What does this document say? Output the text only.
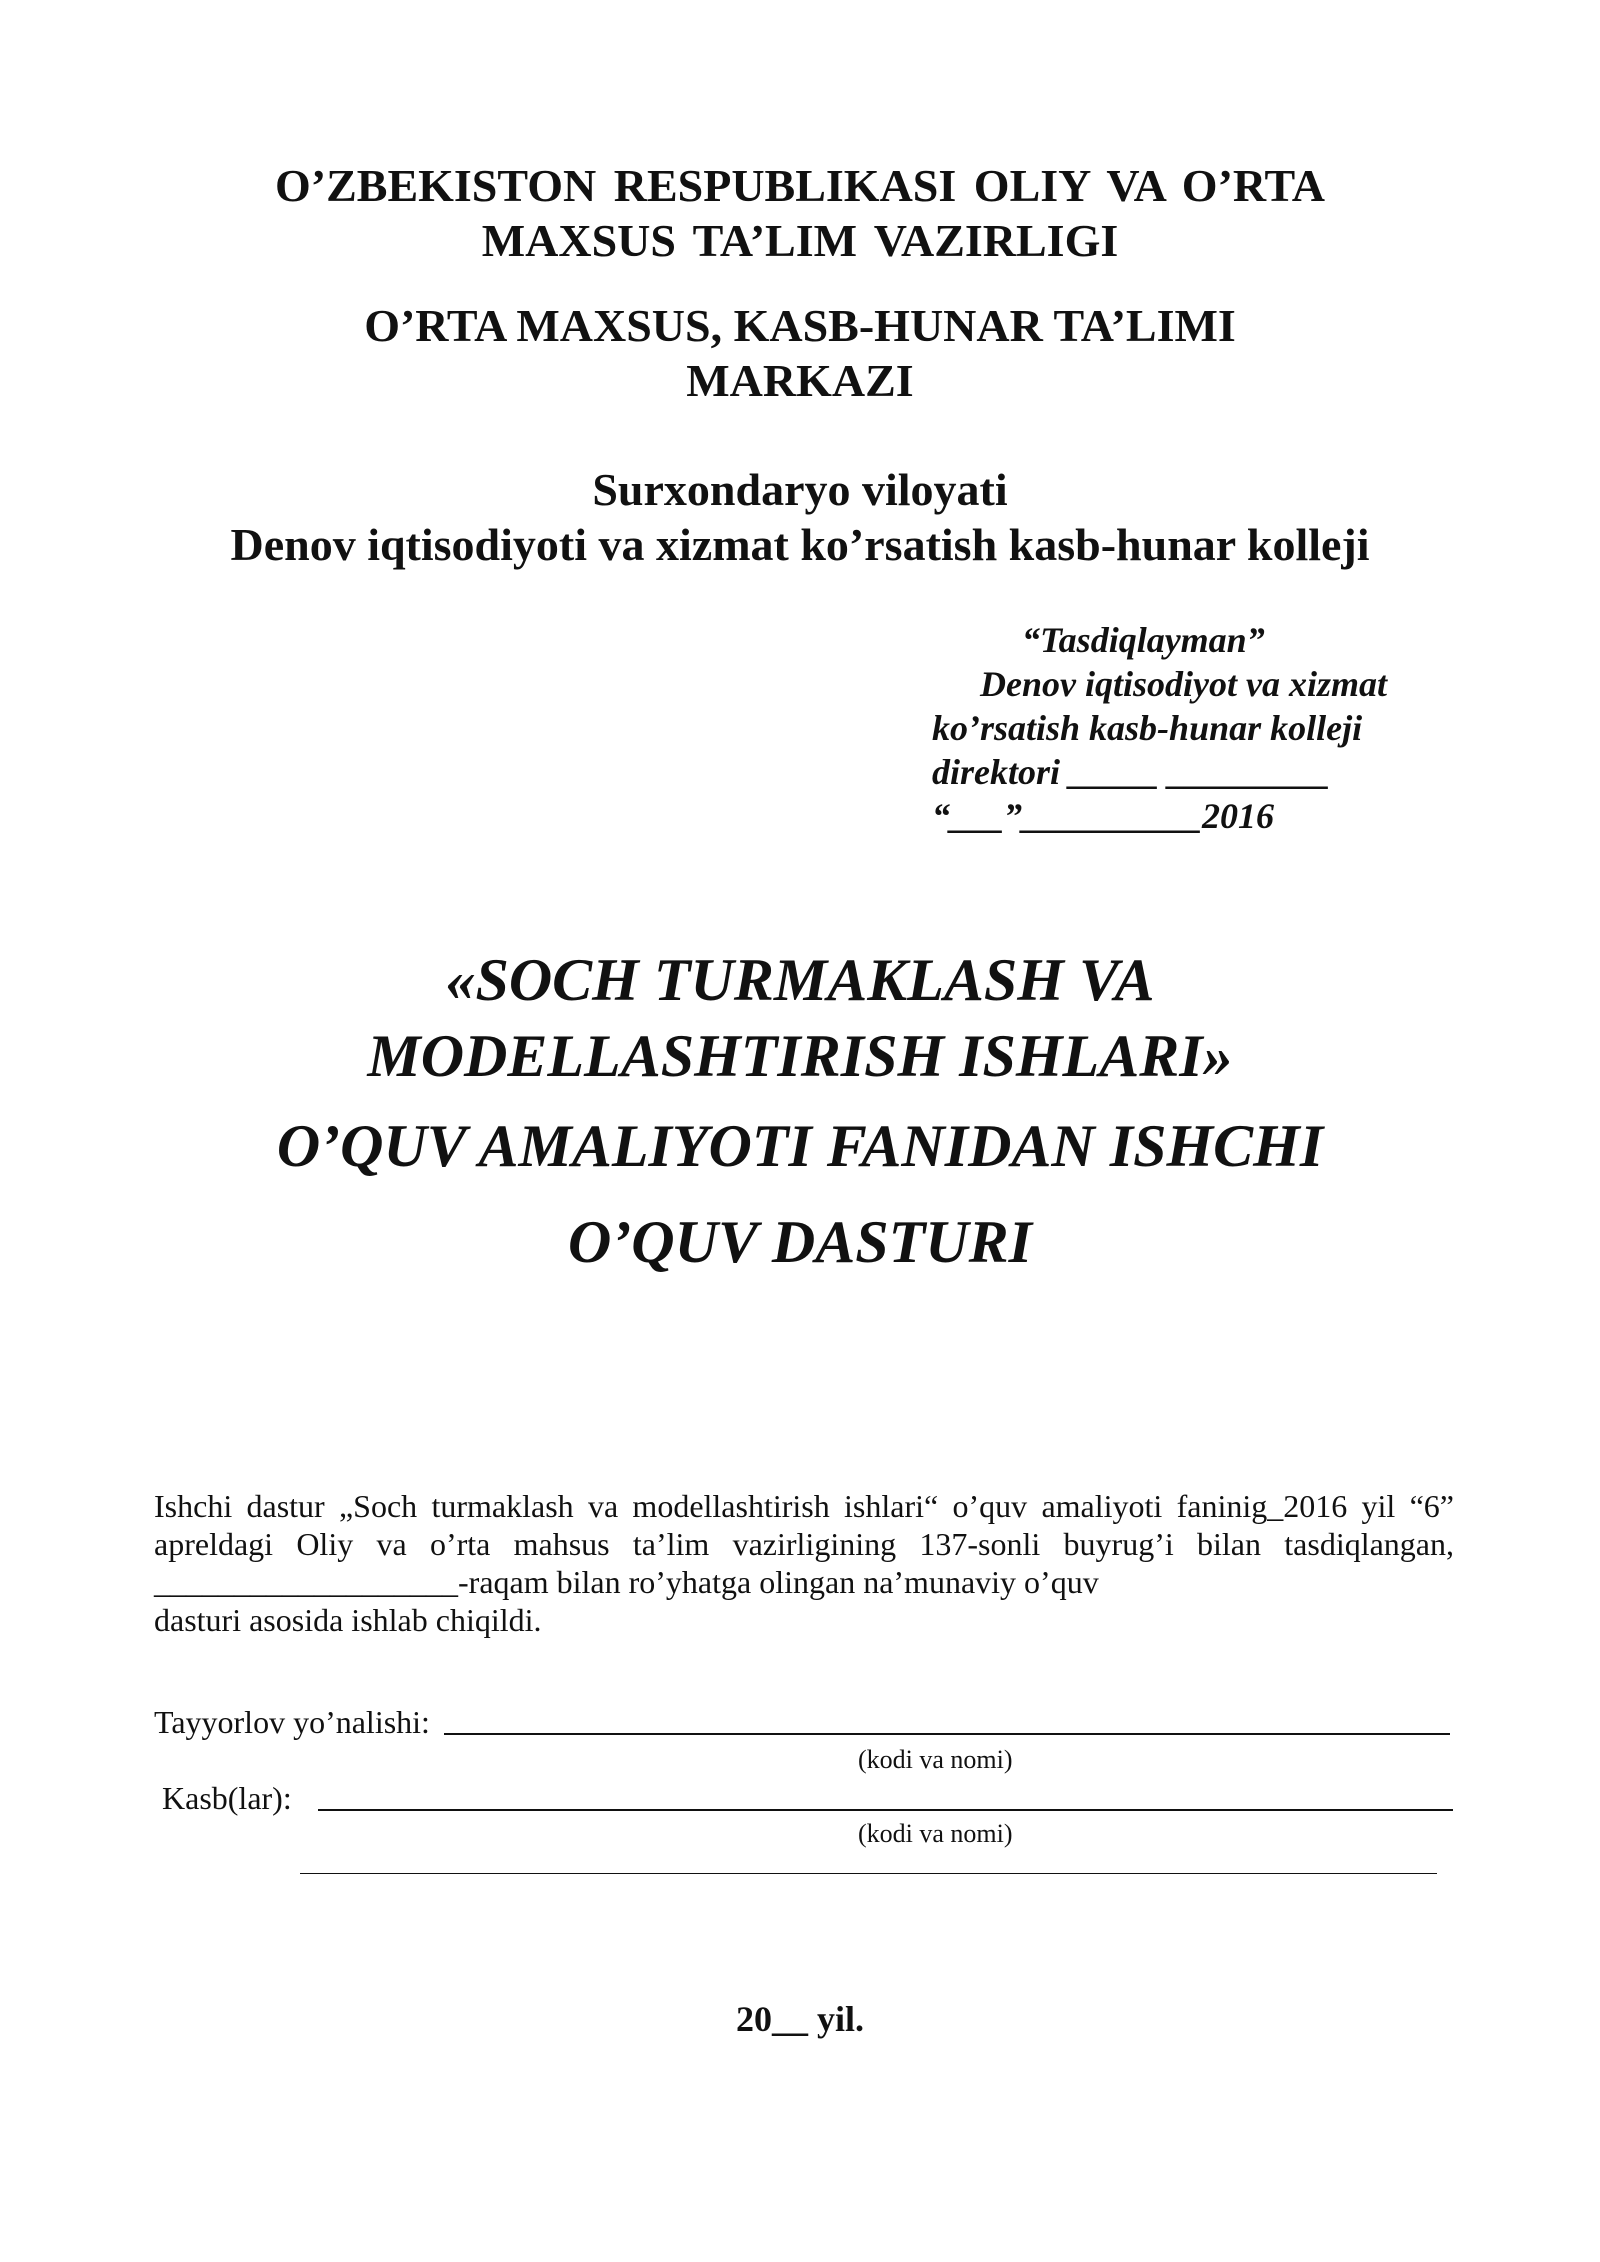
O’ZBEKISTON RESPUBLIKASI OLIY VA O’RTA
MAXSUS TA’LIM VAZIRLIGI
O’RTA MAXSUS, KASB-HUNAR TA’LIMI
MARKAZI
Surxondaryo viloyati
Denov iqtisodiyoti va xizmat ko’rsatish kasb-hunar kolleji
“Tasdiqlayman”
Denov iqtisodiyot va xizmat
ko’rsatish kasb-hunar kolleji
direktori _____ _________
“___”__________2016
«SOCH TURMAKLASH VA
MODELLASHTIRISH ISHLARI»
O’QUV AMALIYOTI FANIDAN ISHCHI
O’QUV DASTURI
Ishchi dastur „Soch turmaklash va modellashtirish ishlari“ o’quv amaliyoti faninig_2016 yil “6” apreldagi Oliy va o’rta mahsus ta’lim vazirligining 137-sonli buyrug’i bilan tasdiqlangan, ___________________-raqam bilan ro’yhatga olingan na’munaviy o’quv
dasturi asosida ishlab chiqildi.
Tayyorlov yo’nalishi:
(kodi va nomi)
Kasb(lar):
(kodi va nomi)
20__ yil.
